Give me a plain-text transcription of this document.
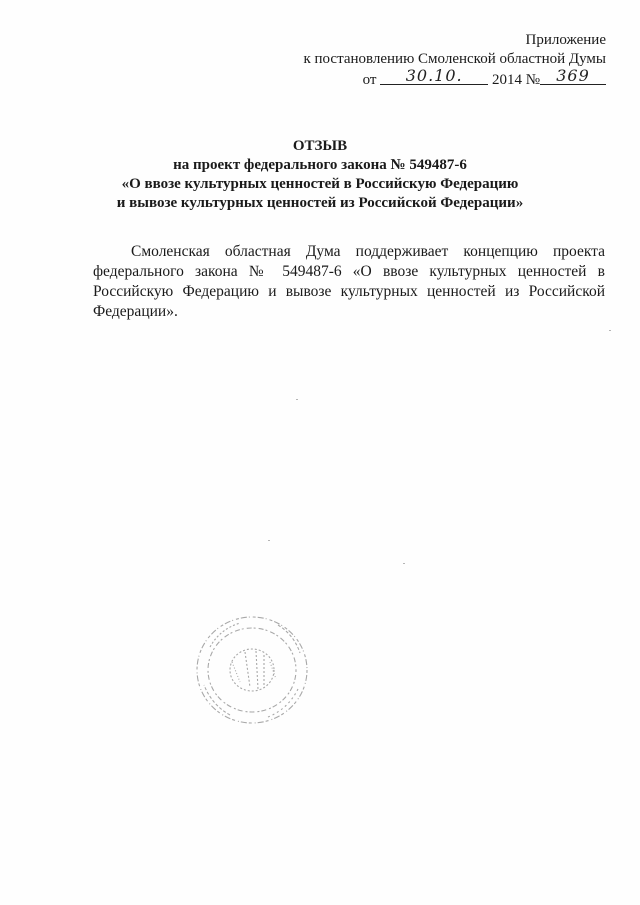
Приложение
к постановлению Смоленской областной Думы
от 30.10. 2014 № 369
ОТЗЫВ
на проект федерального закона № 549487-6
«О ввозе культурных ценностей в Российскую Федерацию
и вывозе культурных ценностей из Российской Федерации»

Смоленская областная Дума поддерживает концепцию проекта федерального закона № 549487-6 «О ввозе культурных ценностей в Российскую Федерацию и вывозе культурных ценностей из Российской Федерации».
